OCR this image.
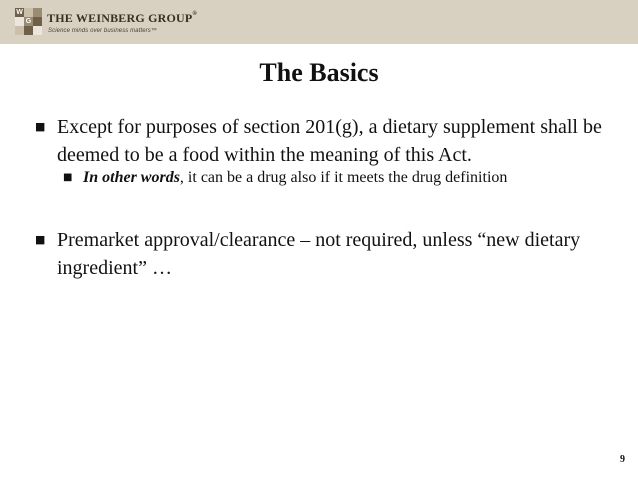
W
G THE WEINBERG GROUP®
Science minds over business matters™
The Basics
■ Except for purposes of section 201(g), a dietary supplement shall be deemed to be a food within the meaning of this Act.
■ In other words, it can be a drug also if it meets the drug definition
■ Premarket approval/clearance – not required, unless “new dietary ingredient” …
9
